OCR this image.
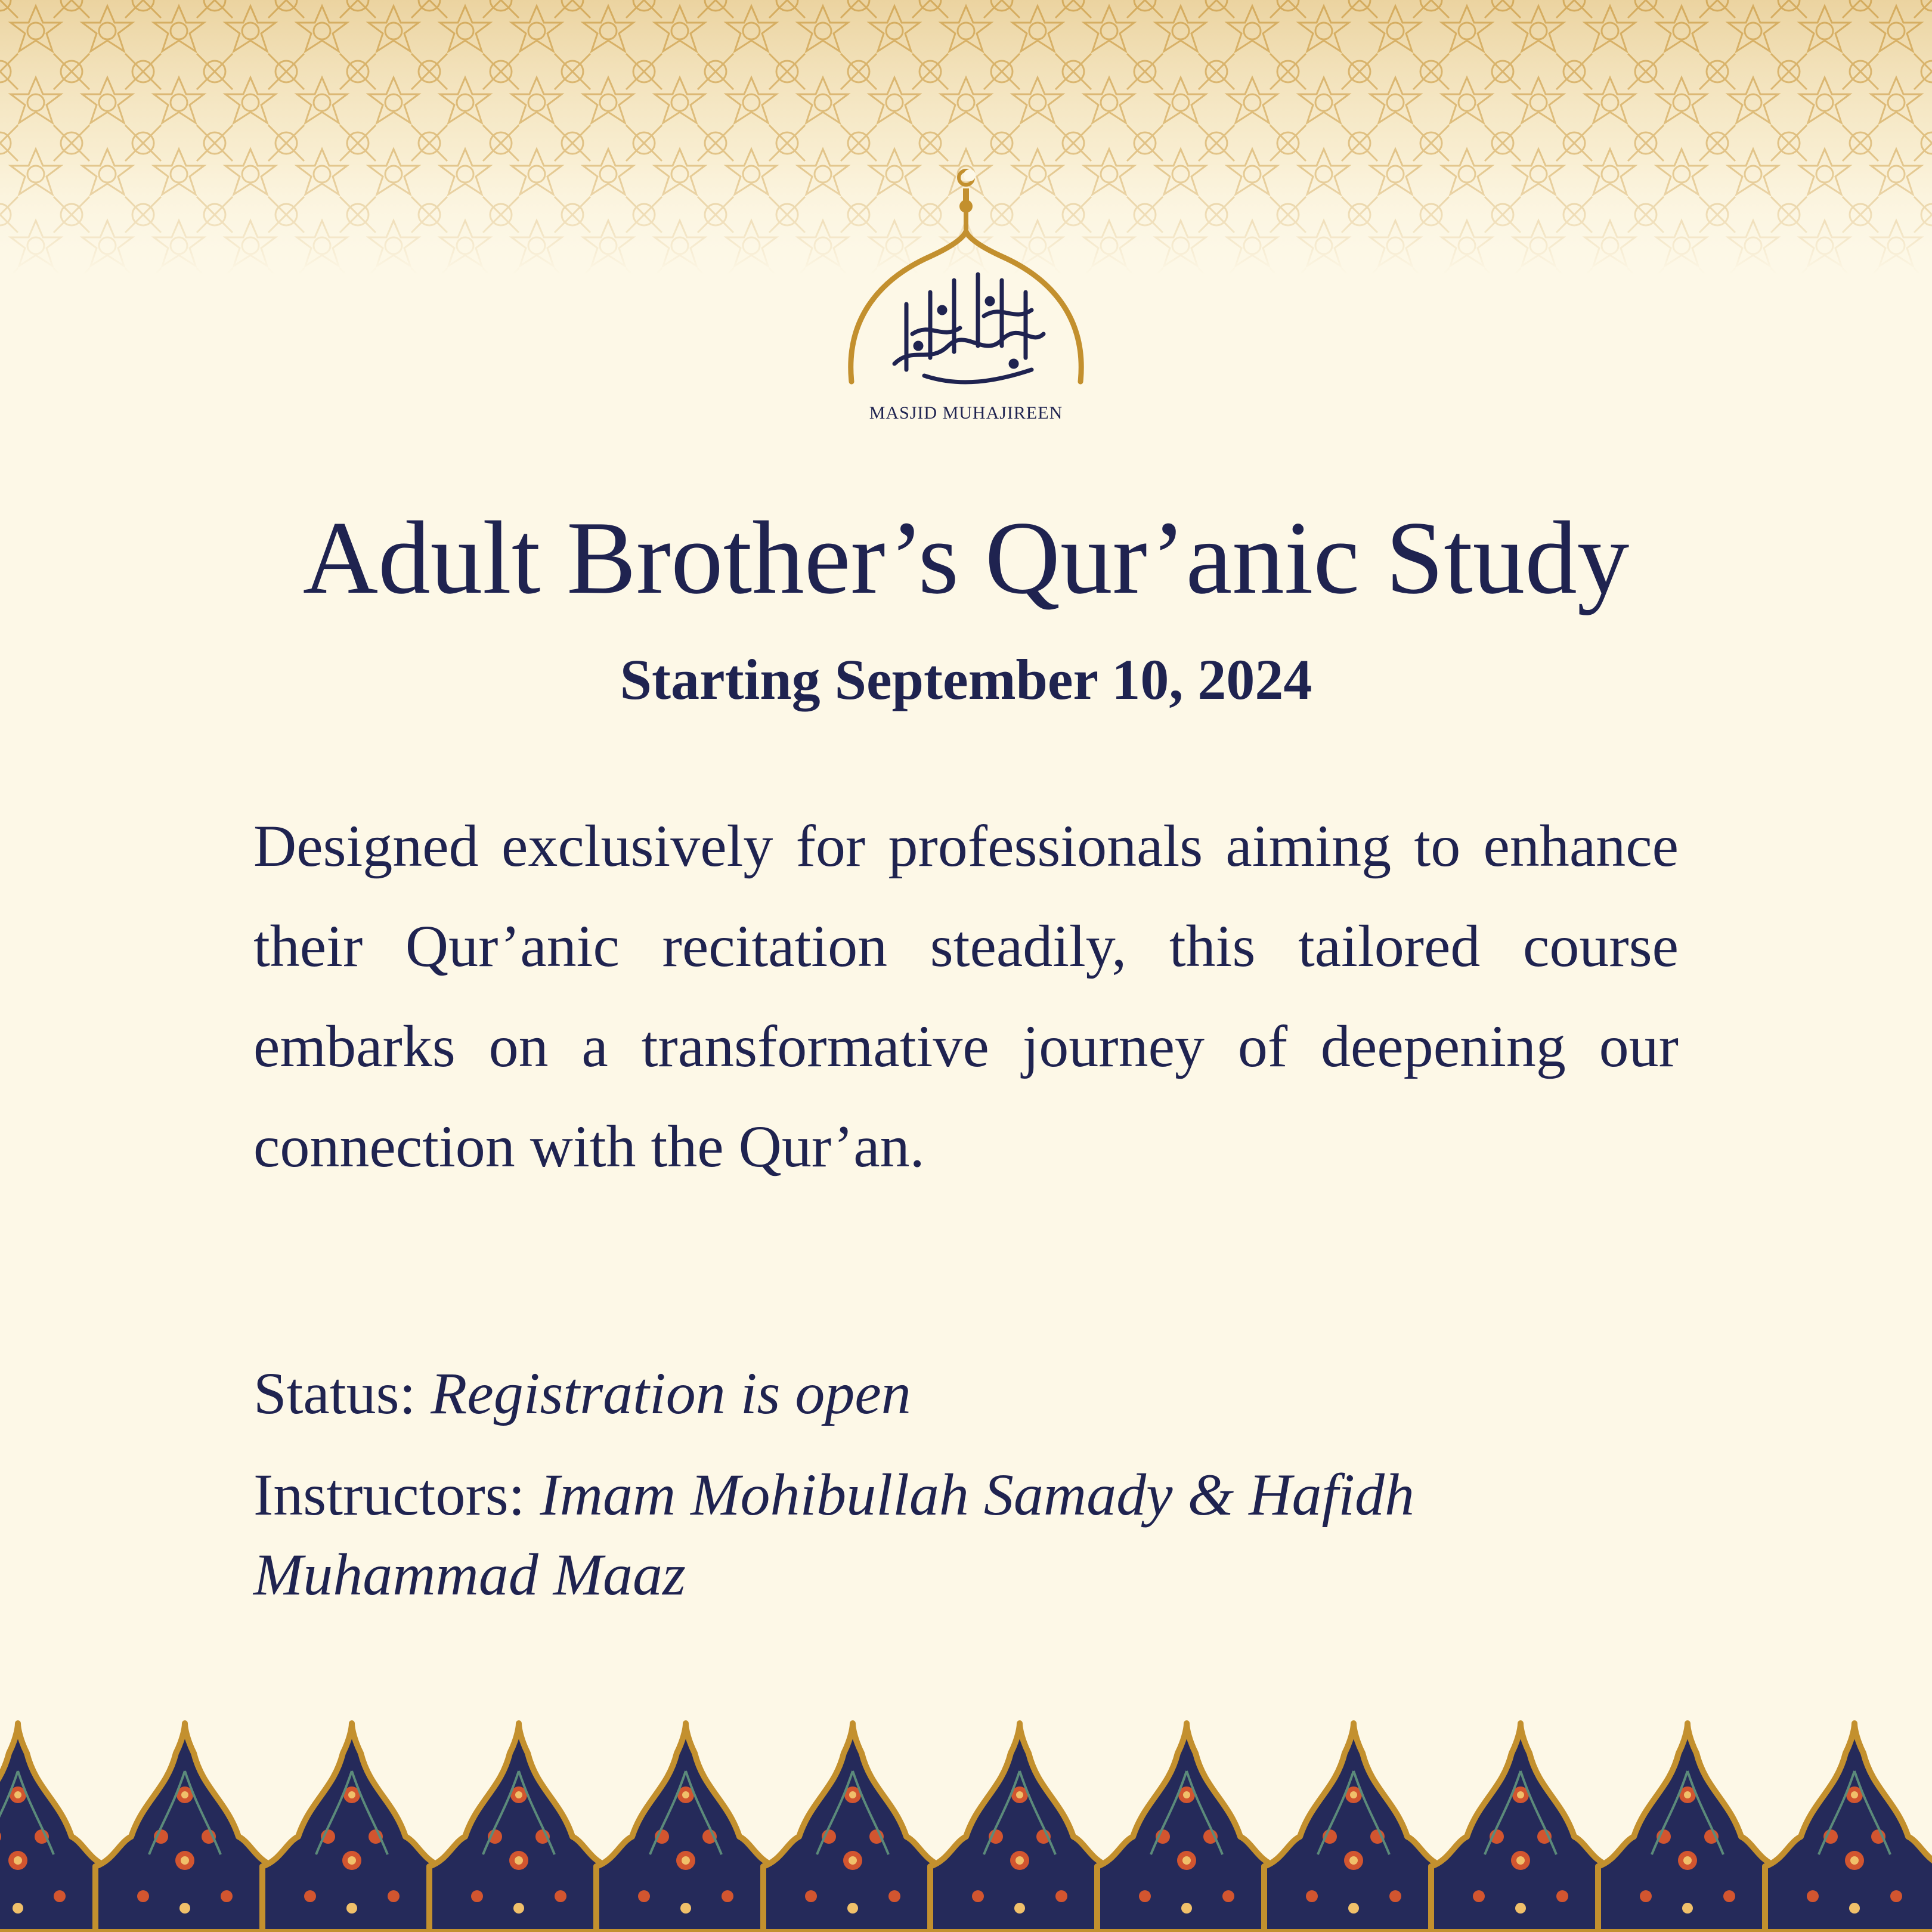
MASJID MUHAJIREEN
Adult Brother’s Qur’anic Study
Starting September 10, 2024

Designed exclusively for professionals aiming to enhance their Qur’anic recitation steadily, this tailored course embarks on a transformative journey of deepening our connection with the Qur’an.

Status: Registration is open

Instructors: Imam Mohibullah Samady & Hafidh Muhammad Maaz
